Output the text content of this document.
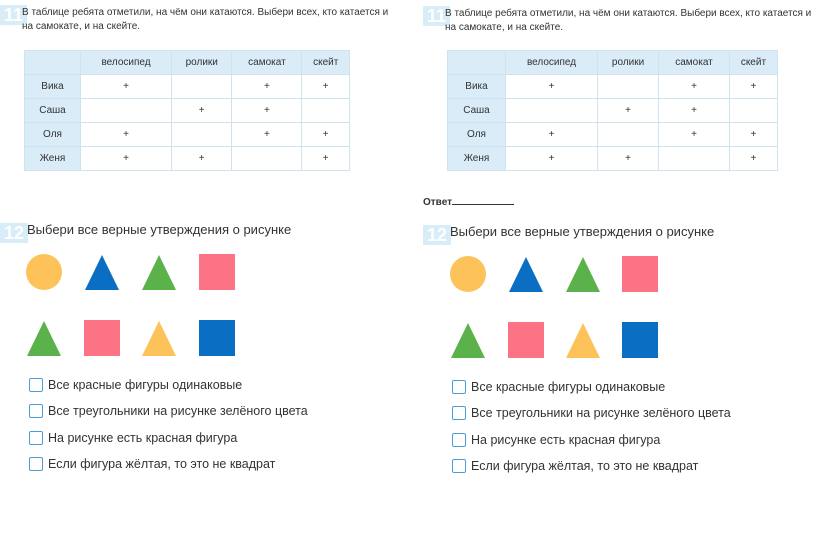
11
В таблице ребята отметили, на чём они катаются. Выбери всех, кто катается и на самокате, и на скейте.
	велосипед	ролики	самокат	скейт
Вика	+		+	+
Саша		+	+	
Оля	+		+	+
Женя	+	+		+
12 Выбери все верные утверждения о рисунке
Все красные фигуры одинаковые
Все треугольники на рисунке зелёного цвета
На рисунке есть красная фигура
Если фигура жёлтая, то это не квадрат
11
В таблице ребята отметили, на чём они катаются. Выбери всех, кто катается и на самокате, и на скейте.
	велосипед	ролики	самокат	скейт
Вика	+		+	+
Саша		+	+	
Оля	+		+	+
Женя	+	+		+
Ответ
12 Выбери все верные утверждения о рисунке
Все красные фигуры одинаковые
Все треугольники на рисунке зелёного цвета
На рисунке есть красная фигура
Если фигура жёлтая, то это не квадрат
